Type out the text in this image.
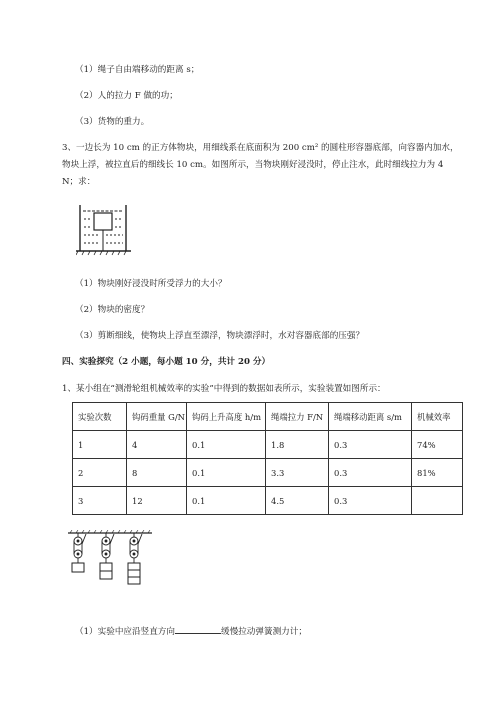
（1）绳子自由端移动的距离 s；
（2）人的拉力 F 做的功；
（3）货物的重力。
3、一边长为 10 cm 的正方体物块，用细线系在底面积为 200 cm² 的圆柱形容器底部，向容器内加水，
物块上浮，被拉直后的细线长 10 cm。如图所示，当物块刚好浸没时，停止注水，此时细线拉力为 4
N；求：
（1）物块刚好浸没时所受浮力的大小？
（2）物块的密度？
（3）剪断细线，使物块上浮直至漂浮，物块漂浮时，水对容器底部的压强？
四、实验探究（2 小题，每小题 10 分，共计 20 分）
1、某小组在“测滑轮组机械效率的实验”中得到的数据如表所示，实验装置如图所示：
实验次数	钩码重量 G/N	钩码上升高度 h/m	绳端拉力 F/N	绳端移动距离 s/m	机械效率
1	4	0.1	1.8	0.3	74%
2	8	0.1	3.3	0.3	81%
3	12	0.1	4.5	0.3	
（1）实验中应沿竖直方向	缓慢拉动弹簧测力计；
